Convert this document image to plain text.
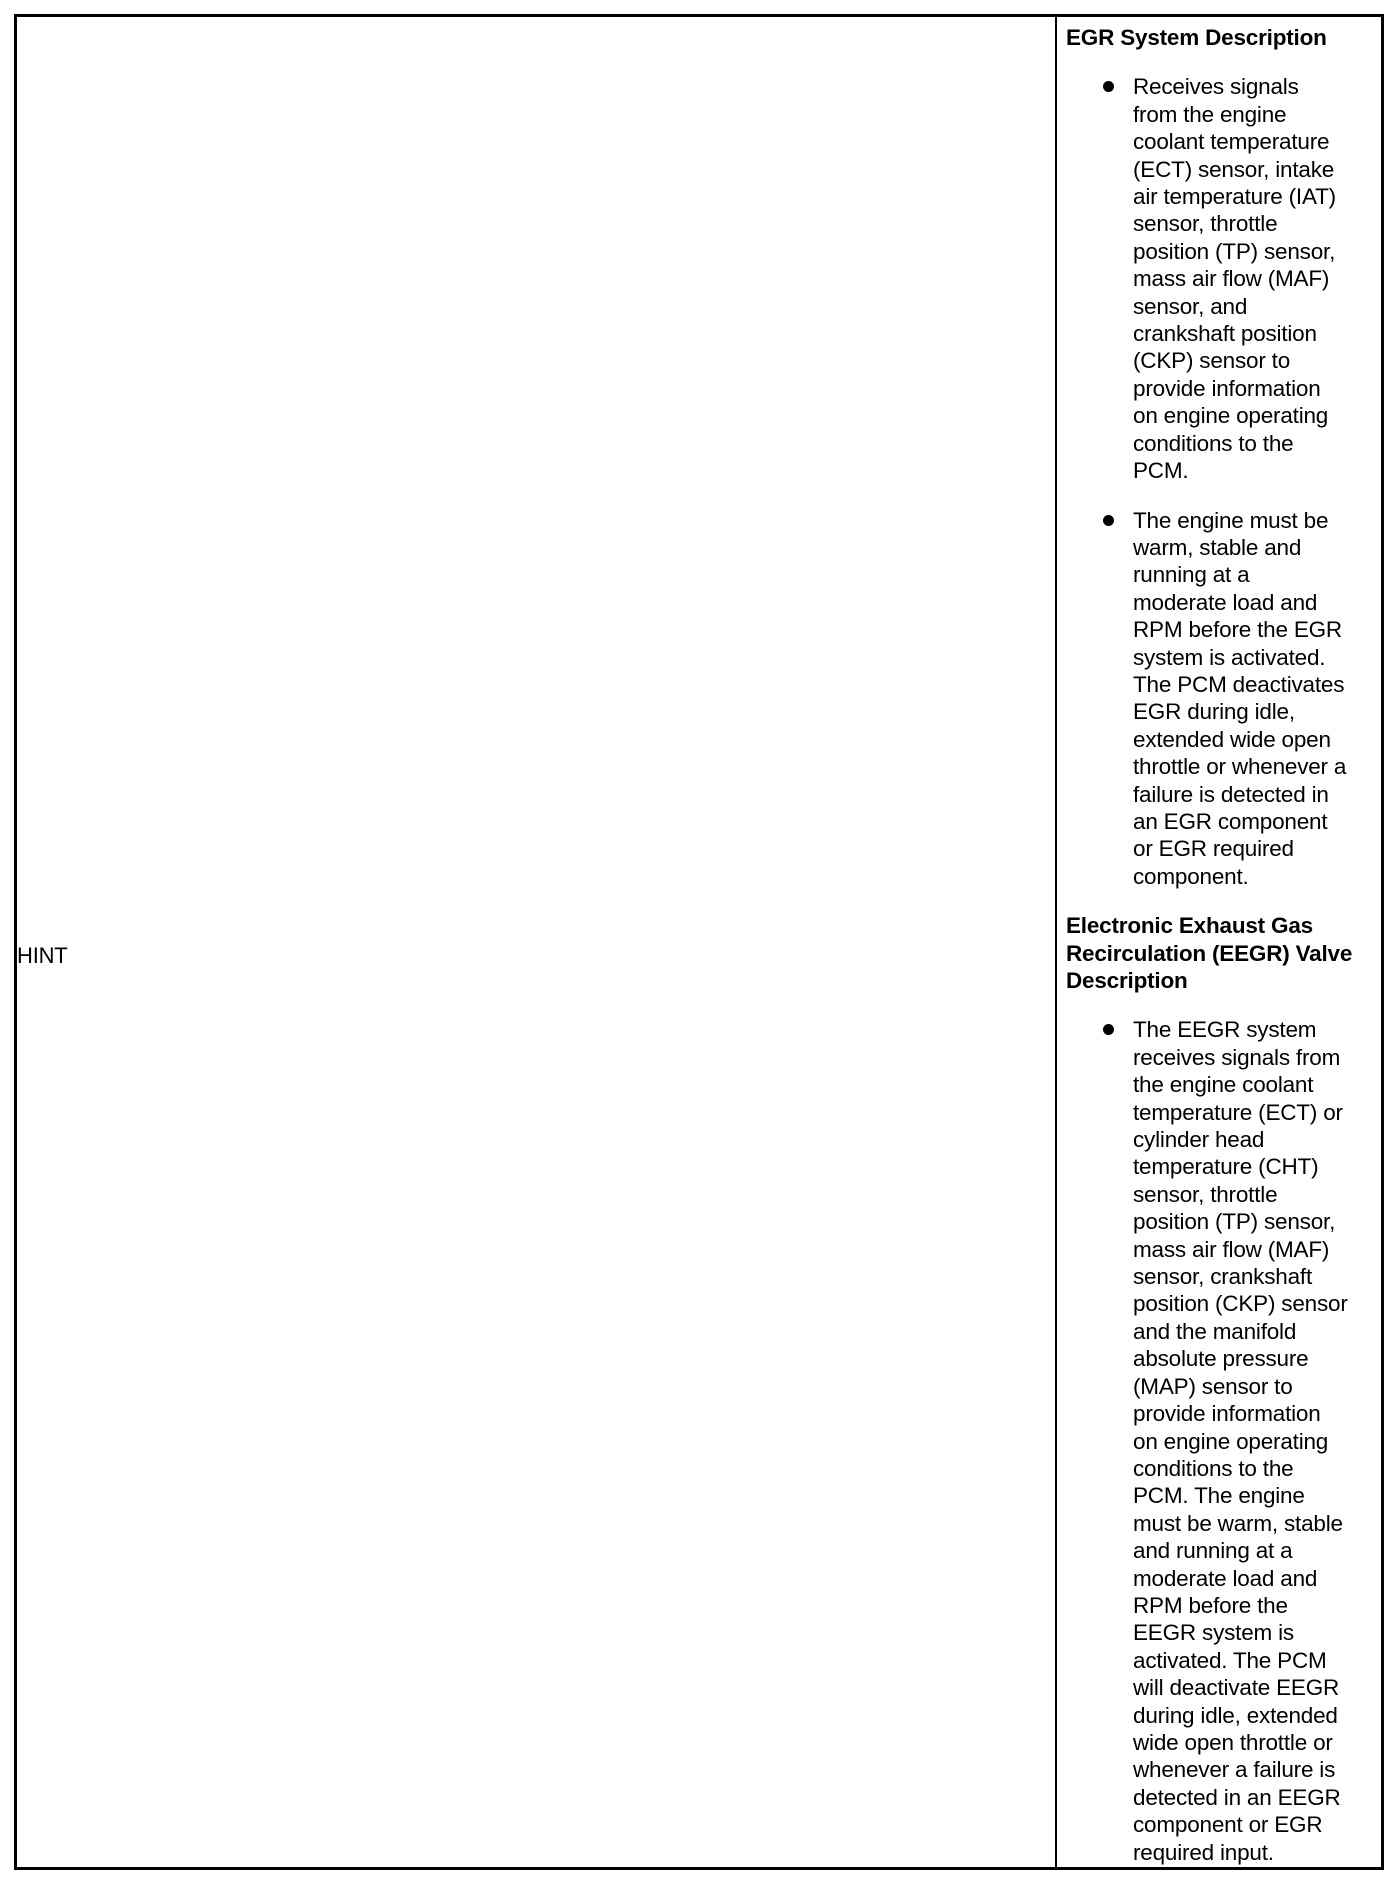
HINT
EGR System Description
Receives signals
from the engine
coolant temperature
(ECT) sensor, intake
air temperature (IAT)
sensor, throttle
position (TP) sensor,
mass air flow (MAF)
sensor, and
crankshaft position
(CKP) sensor to
provide information
on engine operating
conditions to the
PCM.
The engine must be
warm, stable and
running at a
moderate load and
RPM before the EGR
system is activated.
The PCM deactivates
EGR during idle,
extended wide open
throttle or whenever a
failure is detected in
an EGR component
or EGR required
component.
Electronic Exhaust Gas
Recirculation (EEGR) Valve
Description
The EEGR system
receives signals from
the engine coolant
temperature (ECT) or
cylinder head
temperature (CHT)
sensor, throttle
position (TP) sensor,
mass air flow (MAF)
sensor, crankshaft
position (CKP) sensor
and the manifold
absolute pressure
(MAP) sensor to
provide information
on engine operating
conditions to the
PCM. The engine
must be warm, stable
and running at a
moderate load and
RPM before the
EEGR system is
activated. The PCM
will deactivate EEGR
during idle, extended
wide open throttle or
whenever a failure is
detected in an EEGR
component or EGR
required input.
